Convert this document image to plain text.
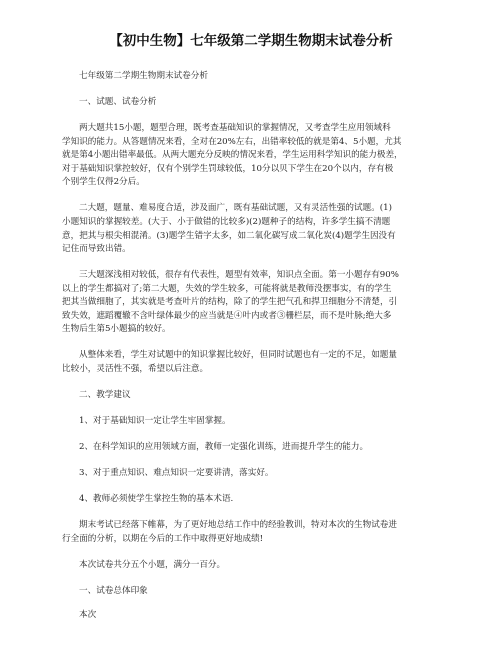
【初中生物】七年级第二学期生物期末试卷分析
七年级第二学期生物期末试卷分析
一、试题、试卷分析
两大题共15小题，题型合理，既考查基础知识的掌握情况，又考查学生应用领域科
学知识的能力。从答题情况来看，全对在20%左右，出错率较低的就是第4、5小题，尤其
就是第4小题出错率最低。从两大题充分反映的情况来看，学生运用科学知识的能力极差，
对于基础知识掌控较好，仅有个别学生罚球较低，10分以贝下学生在20个以内，存有极
个别学生仅得2分后。
二大题，题量、难易度合适，涉及面广，既有基础试题，又有灵活性强的试题。(1)
小题知识的掌握较差。(大于、小于做错的比较多)(2)题种子的结构，许多学生搞不清题
意，把其与根尖相混淆。(3)题学生错字太多，如二氧化碳写成二氧化炭(4)题学生因没有
记住而导致出错。
三大题深浅相对较低，很存有代表性，题型有效率，知识点全面。第一小题存有90%
以上的学生都搞对了;第二大题，失效的学生较多，可能将就是教师没摆事实，有的学生
把其当做细胞了，其实就是考查叶片的结构，除了的学生把气孔和捍卫细胞分不清楚，引
致失效，遮蹈覆辙不含叶绿体最少的应当就是④叶内或者③栅栏层，而不是叶脉;绝大多
生物后生第5小题搞的较好。
从整体来看，学生对试题中的知识掌握比较好，但同时试题也有一定的不足，如题量
比较小，灵活性不强，希望以后注意。
二、教学建议
1、对于基础知识一定让学生牢固掌握。
2、在科学知识的应用领域方面，教师一定强化训练，进而提升学生的能力。
3、对于重点知识、难点知识一定要讲清，落实好。
4、教师必须使学生掌控生物的基本术语.
期末考试已经落下帷幕，为了更好地总结工作中的经验教训，特对本次的生物试卷进
行全面的分析，以期在今后的工作中取得更好地成绩!
本次试卷共分五个小题，满分一百分。
一、试卷总体印象
本次
